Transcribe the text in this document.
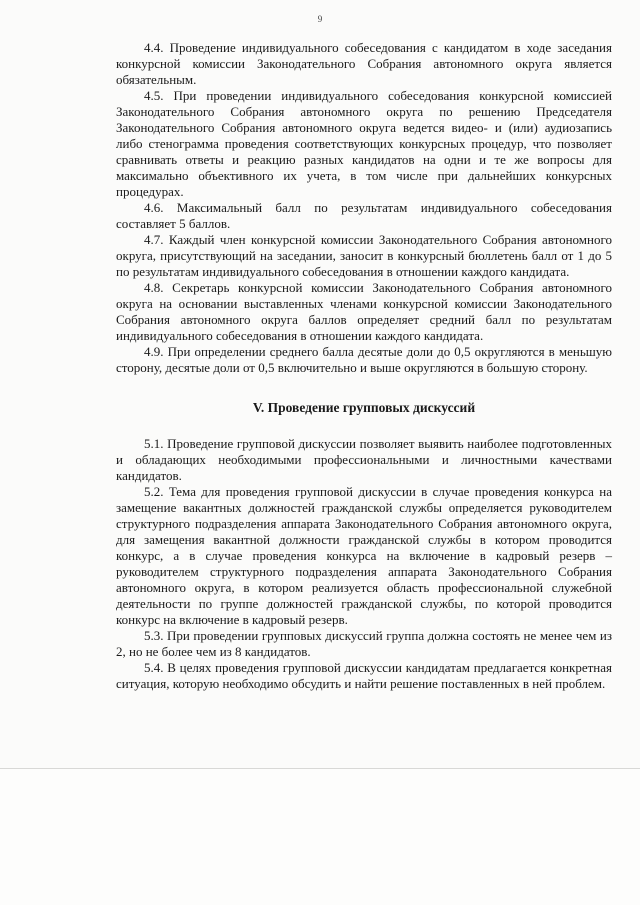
9

4.4. Проведение индивидуального собеседования с кандидатом в ходе заседания конкурсной комиссии Законодательного Собрания автономного округа является обязательным.

4.5. При проведении индивидуального собеседования конкурсной комиссией Законодательного Собрания автономного округа по решению Председателя Законодательного Собрания автономного округа ведется видео- и (или) аудиозапись либо стенограмма проведения соответствующих конкурсных процедур, что позволяет сравнивать ответы и реакцию разных кандидатов на одни и те же вопросы для максимально объективного их учета, в том числе при дальнейших конкурсных процедурах.

4.6. Максимальный балл по результатам индивидуального собеседования составляет 5 баллов.

4.7. Каждый член конкурсной комиссии Законодательного Собрания автономного округа, присутствующий на заседании, заносит в конкурсный бюллетень балл от 1 до 5 по результатам индивидуального собеседования в отношении каждого кандидата.

4.8. Секретарь конкурсной комиссии Законодательного Собрания автономного округа на основании выставленных членами конкурсной комиссии Законодательного Собрания автономного округа баллов определяет средний балл по результатам индивидуального собеседования в отношении каждого кандидата.

4.9. При определении среднего балла десятые доли до 0,5 округляются в меньшую сторону, десятые доли от 0,5 включительно и выше округляются в большую сторону.

V. Проведение групповых дискуссий

5.1. Проведение групповой дискуссии позволяет выявить наиболее подготовленных и обладающих необходимыми профессиональными и личностными качествами кандидатов.

5.2. Тема для проведения групповой дискуссии в случае проведения конкурса на замещение вакантных должностей гражданской службы определяется руководителем структурного подразделения аппарата Законодательного Собрания автономного округа, для замещения вакантной должности гражданской службы в котором проводится конкурс, а в случае проведения конкурса на включение в кадровый резерв – руководителем структурного подразделения аппарата Законодательного Собрания автономного округа, в котором реализуется область профессиональной служебной деятельности по группе должностей гражданской службы, по которой проводится конкурс на включение в кадровый резерв.

5.3. При проведении групповых дискуссий группа должна состоять не менее чем из 2, но не более чем из 8 кандидатов.

5.4. В целях проведения групповой дискуссии кандидатам предлагается конкретная ситуация, которую необходимо обсудить и найти решение поставленных в ней проблем.
